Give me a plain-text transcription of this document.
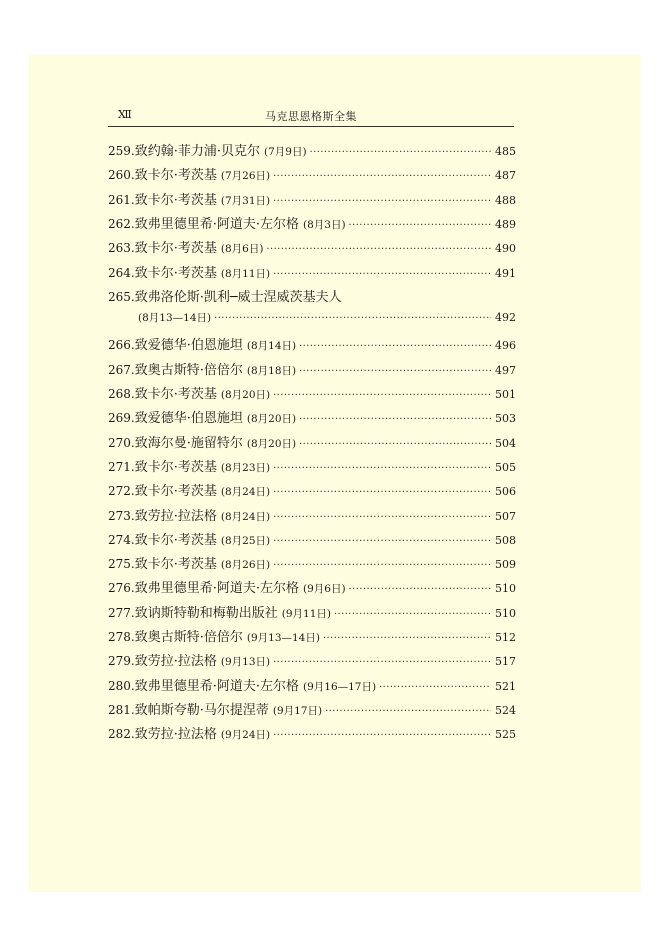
Ⅻ	马克思恩格斯全集
259. 致约翰·菲力浦·贝克尔 (7月9日) ·····	485
260. 致卡尔·考茨基 (7月26日) ·····	487
261. 致卡尔·考茨基 (7月31日) ·····	488
262. 致弗里德里希·阿道夫·左尔格 (8月3日) ·····	489
263. 致卡尔·考茨基 (8月6日) ·····	490
264. 致卡尔·考茨基 (8月11日) ·····	491
265. 致弗洛伦斯·凯利─威士涅威茨基夫人
(8月13—14日) ·····	492
266. 致爱德华·伯恩施坦 (8月14日) ·····	496
267. 致奥古斯特·倍倍尔 (8月18日) ·····	497
268. 致卡尔·考茨基 (8月20日) ·····	501
269. 致爱德华·伯恩施坦 (8月20日) ·····	503
270. 致海尔曼·施留特尔 (8月20日) ·····	504
271. 致卡尔·考茨基 (8月23日) ·····	505
272. 致卡尔·考茨基 (8月24日) ·····	506
273. 致劳拉·拉法格 (8月24日) ·····	507
274. 致卡尔·考茨基 (8月25日) ·····	508
275. 致卡尔·考茨基 (8月26日) ·····	509
276. 致弗里德里希·阿道夫·左尔格 (9月6日) ·····	510
277. 致讷斯特勒和梅勒出版社 (9月11日) ·····	510
278. 致奥古斯特·倍倍尔 (9月13—14日) ·····	512
279. 致劳拉·拉法格 (9月13日) ·····	517
280. 致弗里德里希·阿道夫·左尔格 (9月16—17日) ·····	521
281. 致帕斯夸勒·马尔提涅蒂 (9月17日) ·····	524
282. 致劳拉·拉法格 (9月24日) ·····	525
